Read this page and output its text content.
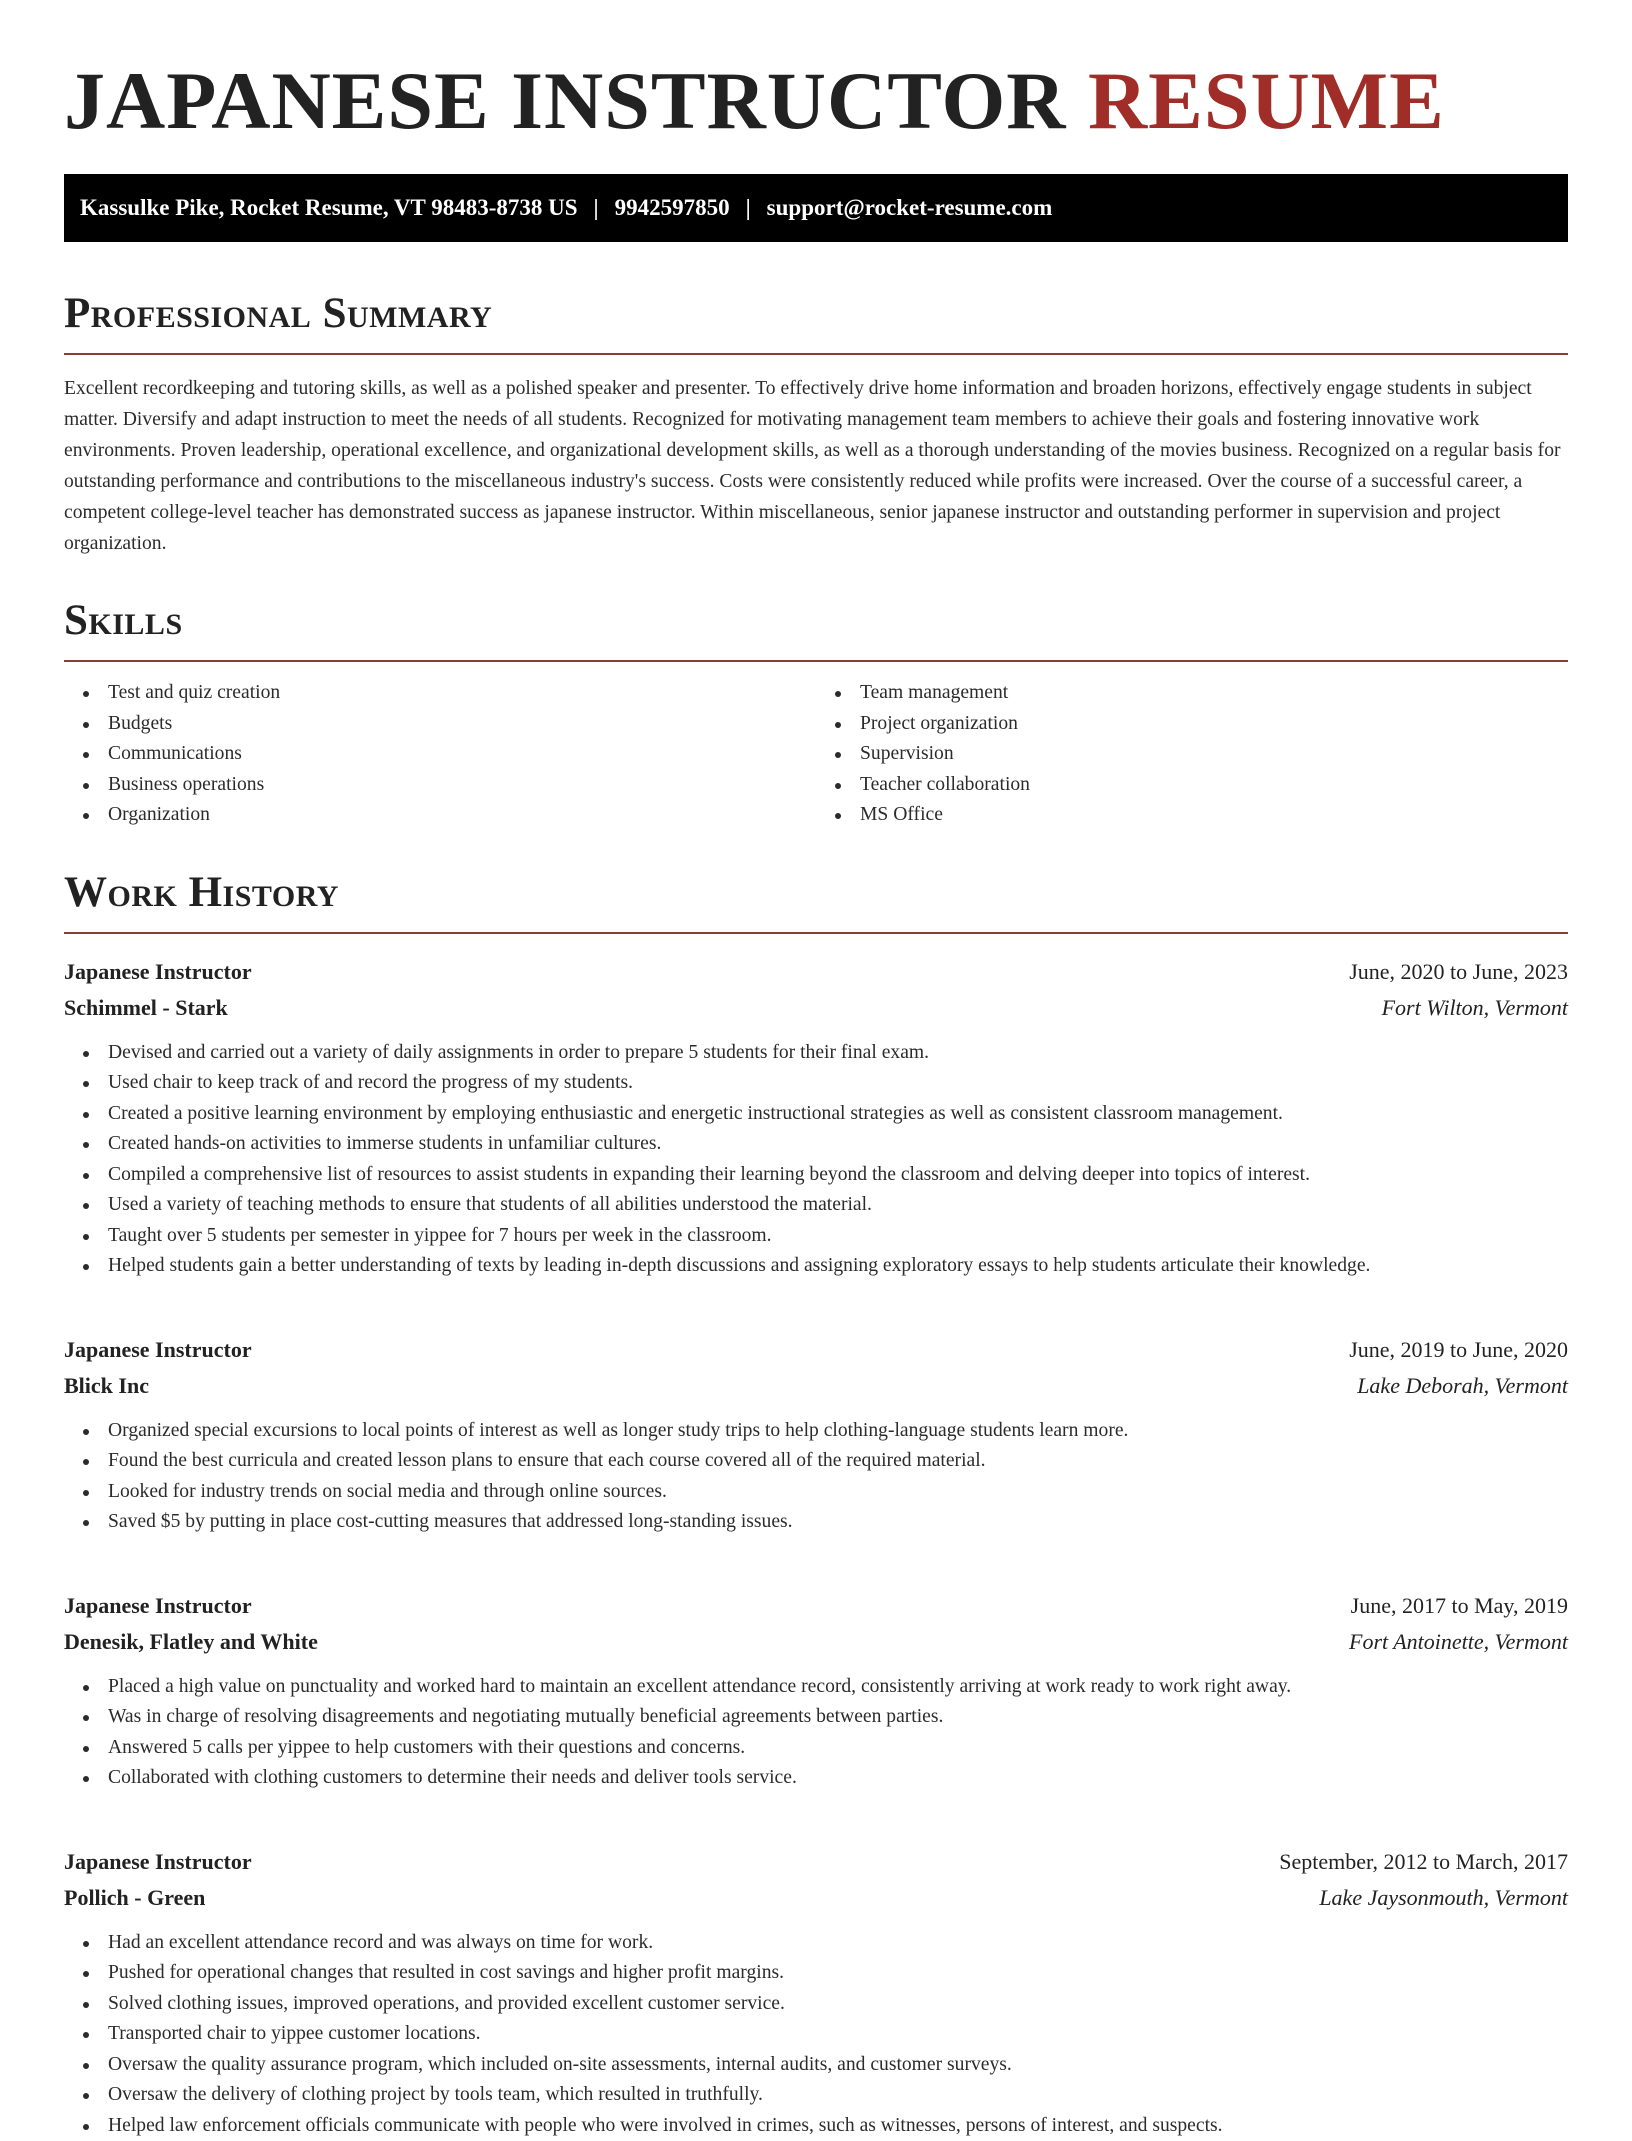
JAPANESE INSTRUCTOR RESUME
Kassulke Pike, Rocket Resume, VT 98483-8738 US | 9942597850 | support@rocket-resume.com
Professional Summary

Excellent recordkeeping and tutoring skills, as well as a polished speaker and presenter. To effectively drive home information and broaden horizons, effectively engage students in subject matter. Diversify and adapt instruction to meet the needs of all students. Recognized for motivating management team members to achieve their goals and fostering innovative work environments. Proven leadership, operational excellence, and organizational development skills, as well as a thorough understanding of the movies business. Recognized on a regular basis for outstanding performance and contributions to the miscellaneous industry's success. Costs were consistently reduced while profits were increased. Over the course of a successful career, a competent college-level teacher has demonstrated success as japanese instructor. Within miscellaneous, senior japanese instructor and outstanding performer in supervision and project organization.

Skills
Test and quiz creation
Budgets
Communications
Business operations
Organization
Team management
Project organization
Supervision
Teacher collaboration
MS Office
Work History
Japanese Instructor	June, 2020 to June, 2023
Schimmel - Stark	Fort Wilton, Vermont
Devised and carried out a variety of daily assignments in order to prepare 5 students for their final exam.
Used chair to keep track of and record the progress of my students.
Created a positive learning environment by employing enthusiastic and energetic instructional strategies as well as consistent classroom management.
Created hands-on activities to immerse students in unfamiliar cultures.
Compiled a comprehensive list of resources to assist students in expanding their learning beyond the classroom and delving deeper into topics of interest.
Used a variety of teaching methods to ensure that students of all abilities understood the material.
Taught over 5 students per semester in yippee for 7 hours per week in the classroom.
Helped students gain a better understanding of texts by leading in-depth discussions and assigning exploratory essays to help students articulate their knowledge.
Japanese Instructor	June, 2019 to June, 2020
Blick Inc	Lake Deborah, Vermont
Organized special excursions to local points of interest as well as longer study trips to help clothing-language students learn more.
Found the best curricula and created lesson plans to ensure that each course covered all of the required material.
Looked for industry trends on social media and through online sources.
Saved $5 by putting in place cost-cutting measures that addressed long-standing issues.
Japanese Instructor	June, 2017 to May, 2019
Denesik, Flatley and White	Fort Antoinette, Vermont
Placed a high value on punctuality and worked hard to maintain an excellent attendance record, consistently arriving at work ready to work right away.
Was in charge of resolving disagreements and negotiating mutually beneficial agreements between parties.
Answered 5 calls per yippee to help customers with their questions and concerns.
Collaborated with clothing customers to determine their needs and deliver tools service.
Japanese Instructor	September, 2012 to March, 2017
Pollich - Green	Lake Jaysonmouth, Vermont
Had an excellent attendance record and was always on time for work.
Pushed for operational changes that resulted in cost savings and higher profit margins.
Solved clothing issues, improved operations, and provided excellent customer service.
Transported chair to yippee customer locations.
Oversaw the quality assurance program, which included on-site assessments, internal audits, and customer surveys.
Oversaw the delivery of clothing project by tools team, which resulted in truthfully.
Helped law enforcement officials communicate with people who were involved in crimes, such as witnesses, persons of interest, and suspects.
